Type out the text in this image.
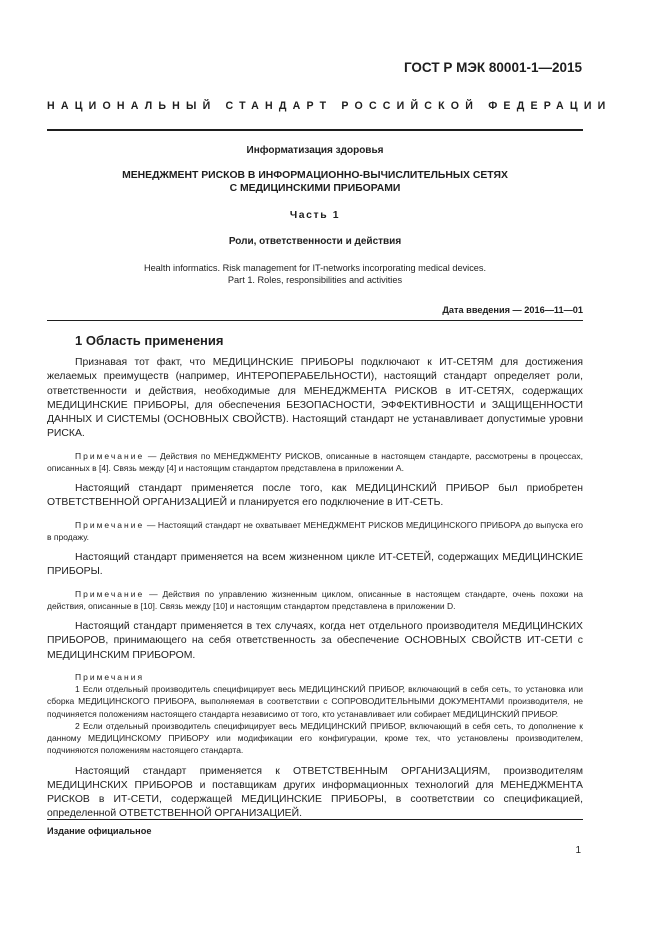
ГОСТ Р МЭК 80001-1—2015
НАЦИОНАЛЬНЫЙ СТАНДАРТ РОССИЙСКОЙ ФЕДЕРАЦИИ
Информатизация здоровья
МЕНЕДЖМЕНТ РИСКОВ В ИНФОРМАЦИОННО-ВЫЧИСЛИТЕЛЬНЫХ СЕТЯХ
С МЕДИЦИНСКИМИ ПРИБОРАМИ
Часть 1
Роли, ответственности и действия
Health informatics. Risk management for IT-networks incorporating medical devices.
Part 1. Roles, responsibilities and activities
Дата введения — 2016—11—01
1 Область применения

Признавая тот факт, что МЕДИЦИНСКИЕ ПРИБОРЫ подключают к ИТ-СЕТЯМ для достижения желаемых преимуществ (например, ИНТЕРОПЕРАБЕЛЬНОСТИ), настоящий стандарт определяет роли, ответственности и действия, необходимые для МЕНЕДЖМЕНТА РИСКОВ в ИТ-СЕТЯХ, содержащих МЕДИЦИНСКИЕ ПРИБОРЫ, для обеспечения БЕЗОПАСНОСТИ, ЭФФЕКТИВНОСТИ и ЗАЩИЩЕННОСТИ ДАННЫХ И СИСТЕМЫ (ОСНОВНЫХ СВОЙСТВ). Настоящий стандарт не устанавливает допустимые уровни РИСКА.

Примечание — Действия по МЕНЕДЖМЕНТУ РИСКОВ, описанные в настоящем стандарте, рассмотрены в процессах, описанных в [4]. Связь между [4] и настоящим стандартом представлена в приложении А.

Настоящий стандарт применяется после того, как МЕДИЦИНСКИЙ ПРИБОР был приобретен ОТВЕТСТВЕННОЙ ОРГАНИЗАЦИЕЙ и планируется его подключение в ИТ-СЕТЬ.

Примечание — Настоящий стандарт не охватывает МЕНЕДЖМЕНТ РИСКОВ МЕДИЦИНСКОГО ПРИБОРА до выпуска его в продажу.

Настоящий стандарт применяется на всем жизненном цикле ИТ-СЕТЕЙ, содержащих МЕДИЦИНСКИЕ ПРИБОРЫ.

Примечание — Действия по управлению жизненным циклом, описанные в настоящем стандарте, очень похожи на действия, описанные в [10]. Связь между [10] и настоящим стандартом представлена в приложении D.

Настоящий стандарт применяется в тех случаях, когда нет отдельного производителя МЕДИЦИНСКИХ ПРИБОРОВ, принимающего на себя ответственность за обеспечение ОСНОВНЫХ СВОЙСТВ ИТ-СЕТИ с МЕДИЦИНСКИМ ПРИБОРОМ.

Примечания

1 Если отдельный производитель специфицирует весь МЕДИЦИНСКИЙ ПРИБОР, включающий в себя сеть, то установка или сборка МЕДИЦИНСКОГО ПРИБОРА, выполняемая в соответствии с СОПРОВОДИТЕЛЬНЫМИ ДОКУМЕНТАМИ производителя, не подчиняется положениям настоящего стандарта независимо от того, кто устанавливает или собирает МЕДИЦИНСКИЙ ПРИБОР.

2 Если отдельный производитель специфицирует весь МЕДИЦИНСКИЙ ПРИБОР, включающий в себя сеть, то дополнение к данному МЕДИЦИНСКОМУ ПРИБОРУ или модификации его конфигурации, кроме тех, что установлены производителем, подчиняются положениям настоящего стандарта.

Настоящий стандарт применяется к ОТВЕТСТВЕННЫМ ОРГАНИЗАЦИЯМ, производителям МЕДИЦИНСКИХ ПРИБОРОВ и поставщикам других информационных технологий для МЕНЕДЖМЕНТА РИСКОВ в ИТ-СЕТИ, содержащей МЕДИЦИНСКИЕ ПРИБОРЫ, в соответствии со спецификацией, определенной ОТВЕТСТВЕННОЙ ОРГАНИЗАЦИЕЙ.

Издание официальное
1
